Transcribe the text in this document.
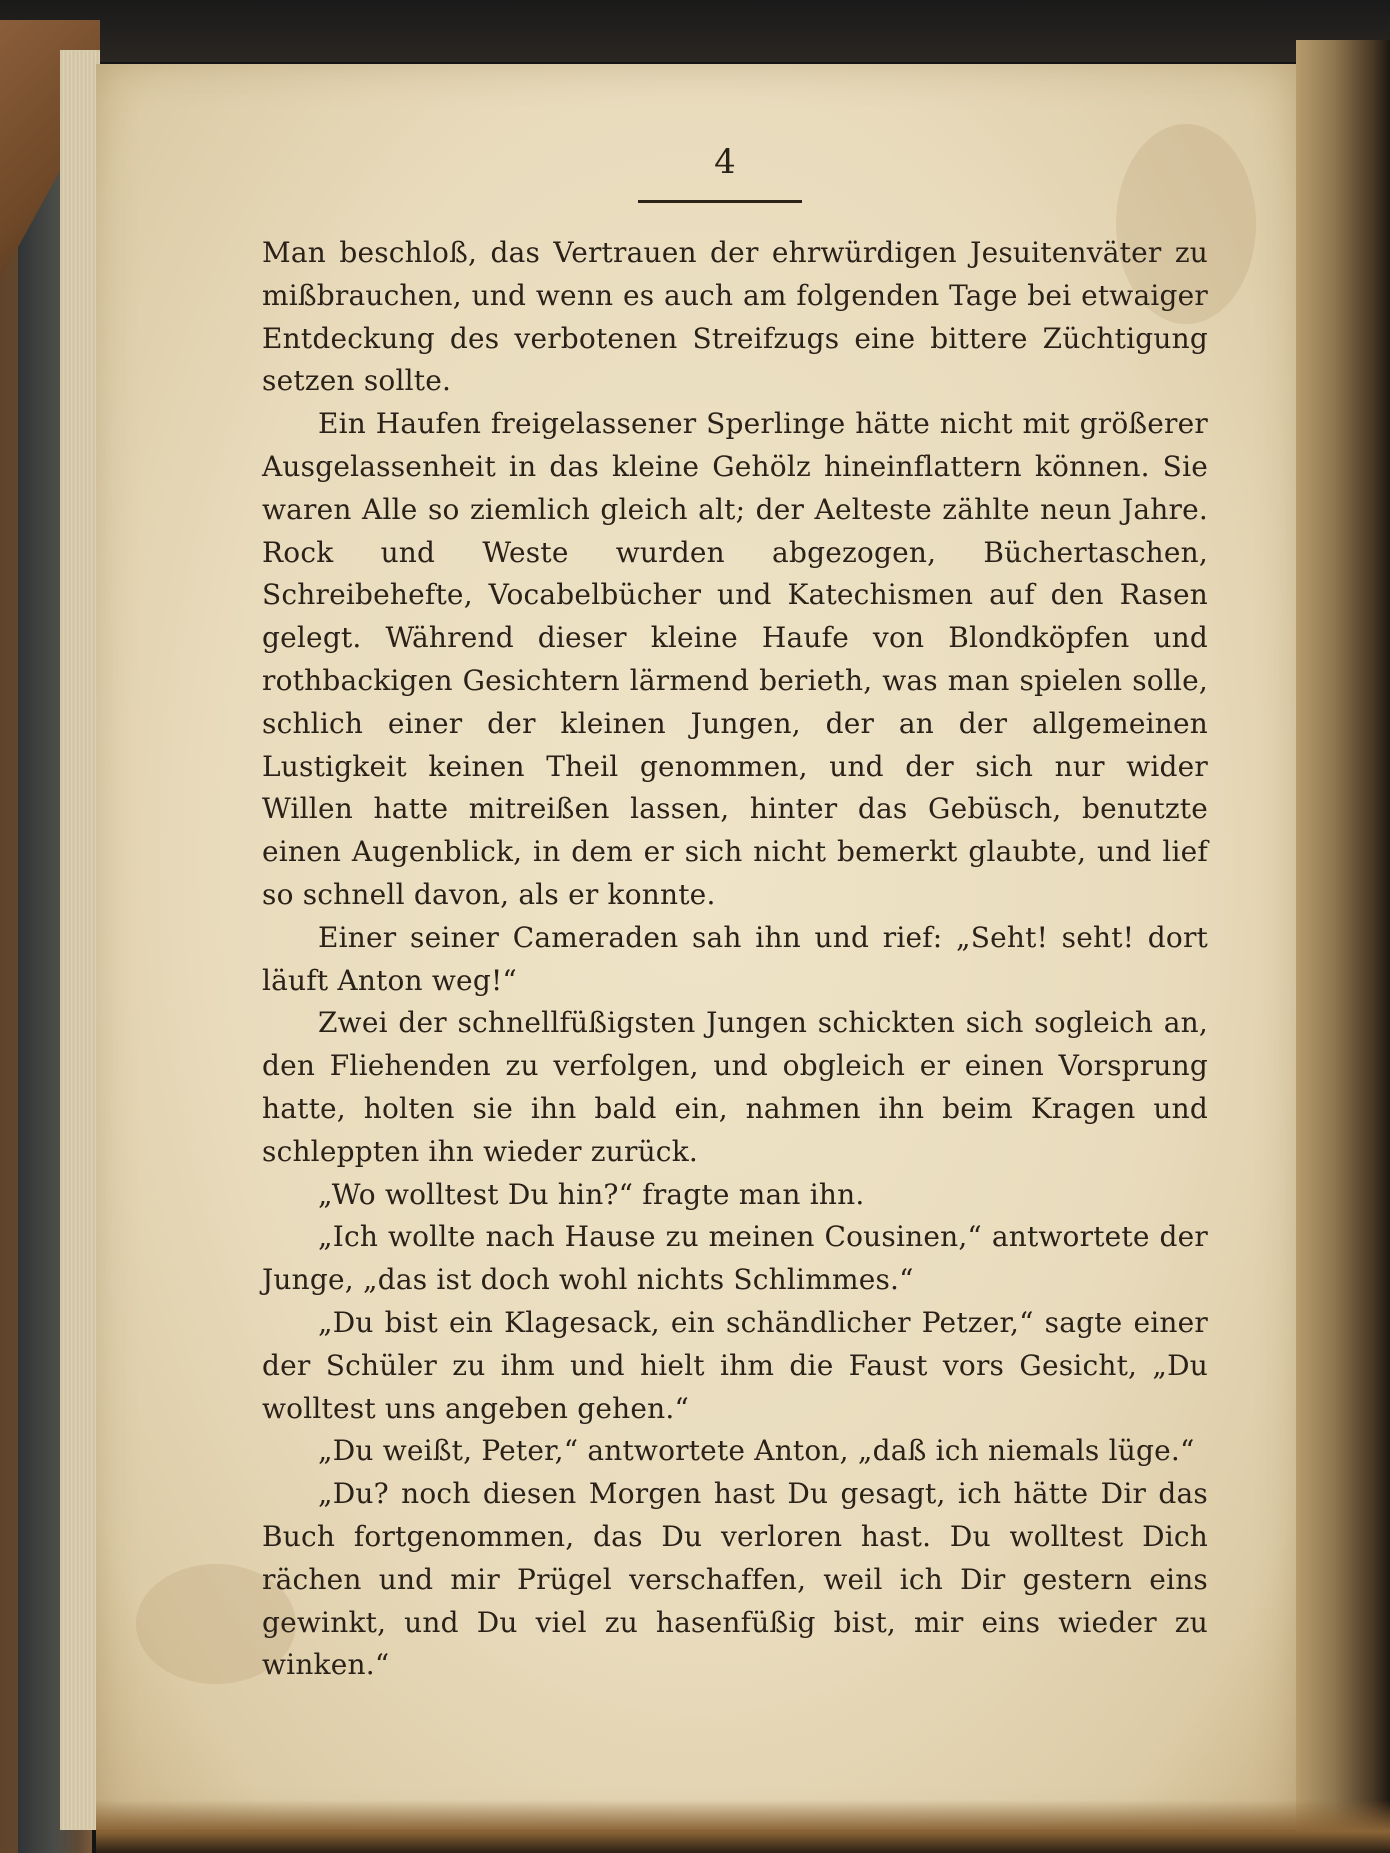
4

Man beschloß, das Vertrauen der ehrwürdigen Jesuitenväter zu mißbrauchen, und wenn es auch am folgenden Tage bei etwaiger Entdeckung des verbotenen Streifzugs eine bittere Züchtigung setzen sollte.

Ein Haufen freigelassener Sperlinge hätte nicht mit größerer Ausgelassenheit in das kleine Gehölz hineinflattern können. Sie waren Alle so ziemlich gleich alt; der Aelteste zählte neun Jahre. Rock und Weste wurden abgezogen, Büchertaschen, Schreibehefte, Vocabelbücher und Katechismen auf den Rasen gelegt. Während dieser kleine Haufe von Blondköpfen und rothbackigen Gesichtern lärmend berieth, was man spielen solle, schlich einer der kleinen Jungen, der an der allgemeinen Lustigkeit keinen Theil genommen, und der sich nur wider Willen hatte mitreißen lassen, hinter das Gebüsch, benutzte einen Augenblick, in dem er sich nicht bemerkt glaubte, und lief so schnell davon, als er konnte.

Einer seiner Cameraden sah ihn und rief: „Seht! seht! dort läuft Anton weg!“

Zwei der schnellfüßigsten Jungen schickten sich sogleich an, den Fliehenden zu verfolgen, und obgleich er einen Vorsprung hatte, holten sie ihn bald ein, nahmen ihn beim Kragen und schleppten ihn wieder zurück.

„Wo wolltest Du hin?“ fragte man ihn.

„Ich wollte nach Hause zu meinen Cousinen,“ antwortete der Junge, „das ist doch wohl nichts Schlimmes.“

„Du bist ein Klagesack, ein schändlicher Petzer,“ sagte einer der Schüler zu ihm und hielt ihm die Faust vors Gesicht, „Du wolltest uns angeben gehen.“

„Du weißt, Peter,“ antwortete Anton, „daß ich niemals lüge.“

„Du? noch diesen Morgen hast Du gesagt, ich hätte Dir das Buch fortgenommen, das Du verloren hast. Du wolltest Dich rächen und mir Prügel verschaffen, weil ich Dir gestern eins gewinkt, und Du viel zu hasenfüßig bist, mir eins wieder zu winken.“
